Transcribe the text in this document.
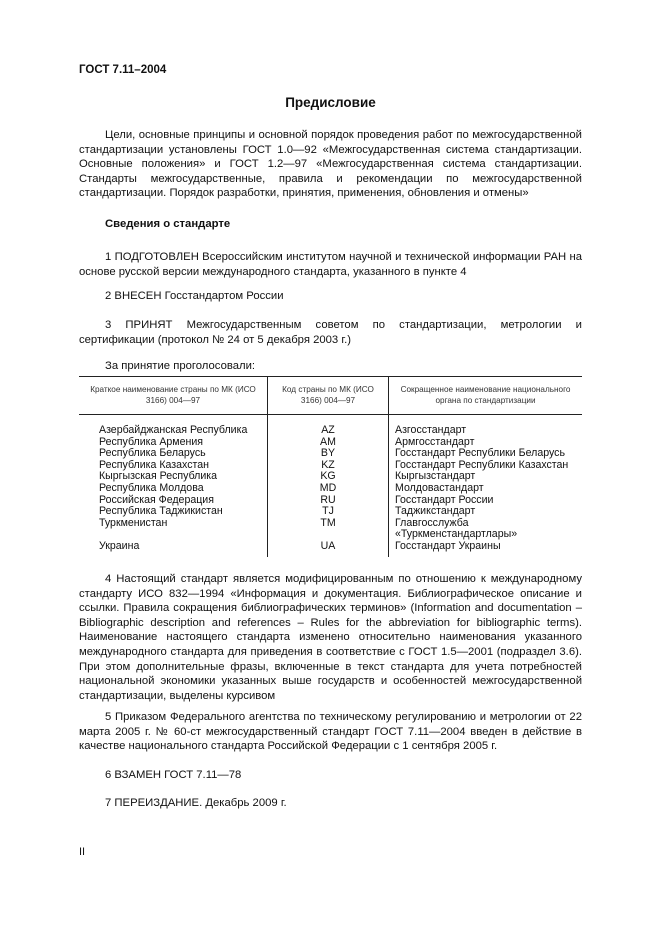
ГОСТ 7.11–2004
Предисловие
Цели, основные принципы и основной порядок проведения работ по межгосударственной стандартизации установлены ГОСТ 1.0—92 «Межгосударственная система стандартизации. Основные положения» и ГОСТ 1.2—97 «Межгосударственная система стандартизации. Стандарты межгосударственные, правила и рекомендации по межгосударственной стандартизации. Порядок разработки, принятия, применения, обновления и отмены»
Сведения о стандарте
1 ПОДГОТОВЛЕН Всероссийским институтом научной и технической информации РАН на основе русской версии международного стандарта, указанного в пункте 4
2 ВНЕСЕН Госстандартом России
3 ПРИНЯТ Межгосударственным советом по стандартизации, метрологии и сертификации (протокол № 24 от 5 декабря 2003 г.)
За принятие проголосовали:
Краткое наименование страны по МК (ИСО 3166) 004—97	Код страны по МК (ИСО 3166) 004—97	Сокращенное наименование национального органа по стандартизации
Азербайджанская Республика	AZ	Азгосстандарт
Республика Армения	AM	Армгосстандарт
Республика Беларусь	BY	Госстандарт Республики Беларусь
Республика Казахстан	KZ	Госстандарт Республики Казахстан
Кыргызская Республика	KG	Кыргызстандарт
Республика Молдова	MD	Молдовастандарт
Российская Федерация	RU	Госстандарт России
Республика Таджикистан	TJ	Таджикстандарт
Туркменистан	TM	Главгосслужба «Туркменстандартлары»
Украина	UA	Госстандарт Украины
4 Настоящий стандарт является модифицированным по отношению к международному стандарту ИСО 832—1994 «Информация и документация. Библиографическое описание и ссылки. Правила сокращения библиографических терминов» (Information and documentation – Bibliographic description and references – Rules for the abbreviation for bibliographic terms). Наименование настоящего стандарта изменено относительно наименования указанного международного стандарта для приведения в соответствие с ГОСТ 1.5—2001 (подраздел 3.6). При этом дополнительные фразы, включенные в текст стандарта для учета потребностей национальной экономики указанных выше государств и особенностей межгосударственной стандартизации, выделены курсивом
5 Приказом Федерального агентства по техническому регулированию и метрологии от 22 марта 2005 г. № 60-ст межгосударственный стандарт ГОСТ 7.11—2004 введен в действие в качестве национального стандарта Российской Федерации с 1 сентября 2005 г.
6 ВЗАМЕН ГОСТ 7.11—78
7 ПЕРЕИЗДАНИЕ. Декабрь 2009 г.
II
